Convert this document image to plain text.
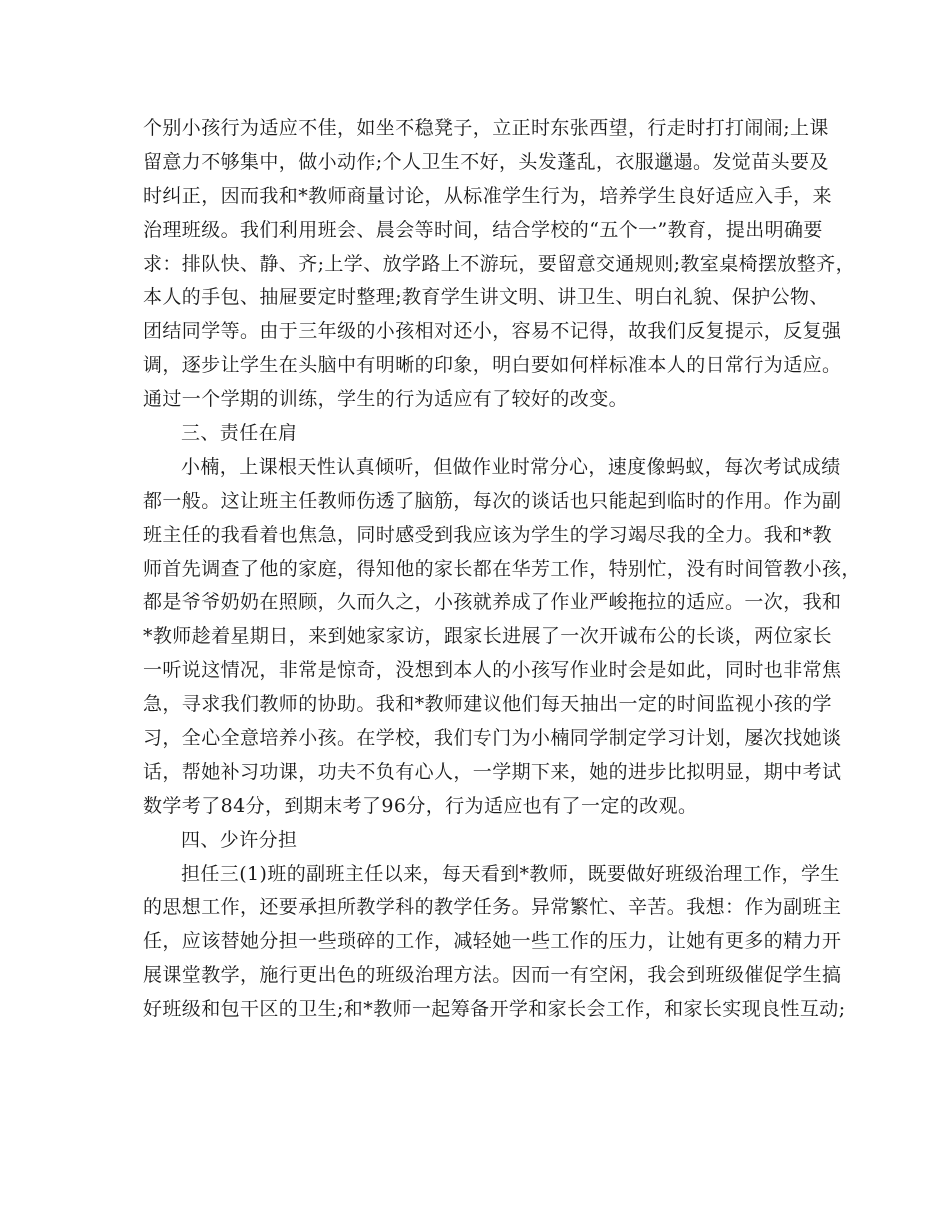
个别小孩行为适应不佳，如坐不稳凳子，立正时东张西望，行走时打打闹闹;上课
留意力不够集中，做小动作;个人卫生不好，头发蓬乱，衣服邋遢。发觉苗头要及
时纠正，因而我和*教师商量讨论，从标准学生行为，培养学生良好适应入手，来
治理班级。我们利用班会、晨会等时间，结合学校的“五个一”教育，提出明确要
求：排队快、静、齐;上学、放学路上不游玩，要留意交通规则;教室桌椅摆放整齐，
本人的手包、抽屉要定时整理;教育学生讲文明、讲卫生、明白礼貌、保护公物、
团结同学等。由于三年级的小孩相对还小，容易不记得，故我们反复提示，反复强
调，逐步让学生在头脑中有明晰的印象，明白要如何样标准本人的日常行为适应。
通过一个学期的训练，学生的行为适应有了较好的改变。
三、责任在肩
小楠，上课根天性认真倾听，但做作业时常分心，速度像蚂蚁，每次考试成绩
都一般。这让班主任教师伤透了脑筋，每次的谈话也只能起到临时的作用。作为副
班主任的我看着也焦急，同时感受到我应该为学生的学习竭尽我的全力。我和*教
师首先调查了他的家庭，得知他的家长都在华芳工作，特别忙，没有时间管教小孩，
都是爷爷奶奶在照顾，久而久之，小孩就养成了作业严峻拖拉的适应。一次，我和
*教师趁着星期日，来到她家家访，跟家长进展了一次开诚布公的长谈，两位家长
一听说这情况，非常是惊奇，没想到本人的小孩写作业时会是如此，同时也非常焦
急，寻求我们教师的协助。我和*教师建议他们每天抽出一定的时间监视小孩的学
习，全心全意培养小孩。在学校，我们专门为小楠同学制定学习计划，屡次找她谈
话，帮她补习功课，功夫不负有心人，一学期下来，她的进步比拟明显，期中考试
数学考了84分，到期末考了96分，行为适应也有了一定的改观。
四、少许分担
担任三(1)班的副班主任以来，每天看到*教师，既要做好班级治理工作，学生
的思想工作，还要承担所教学科的教学任务。异常繁忙、辛苦。我想：作为副班主
任，应该替她分担一些琐碎的工作，减轻她一些工作的压力，让她有更多的精力开
展课堂教学，施行更出色的班级治理方法。因而一有空闲，我会到班级催促学生搞
好班级和包干区的卫生;和*教师一起筹备开学和家长会工作，和家长实现良性互动;
